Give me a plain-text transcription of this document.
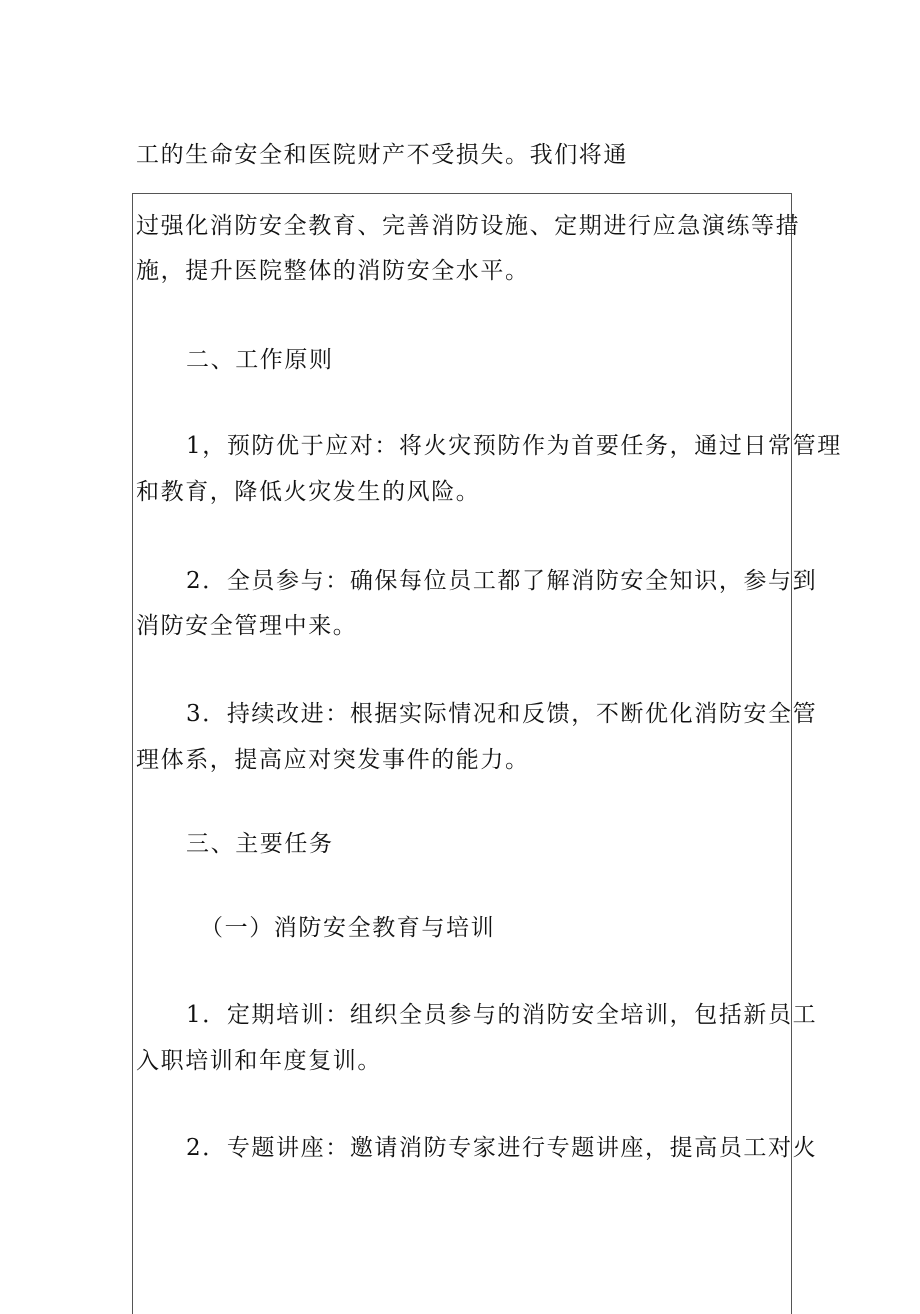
工的生命安全和医院财产不受损失。我们将通
过强化消防安全教育、完善消防设施、定期进行应急演练等措
施，提升医院整体的消防安全水平。
二、工作原则
1，预防优于应对：将火灾预防作为首要任务，通过日常管理
和教育，降低火灾发生的风险。
2．全员参与：确保每位员工都了解消防安全知识，参与到
消防安全管理中来。
3．持续改进：根据实际情况和反馈，不断优化消防安全管
理体系，提高应对突发事件的能力。
三、主要任务
（一）消防安全教育与培训
1．定期培训：组织全员参与的消防安全培训，包括新员工
入职培训和年度复训。
2．专题讲座：邀请消防专家进行专题讲座，提高员工对火
